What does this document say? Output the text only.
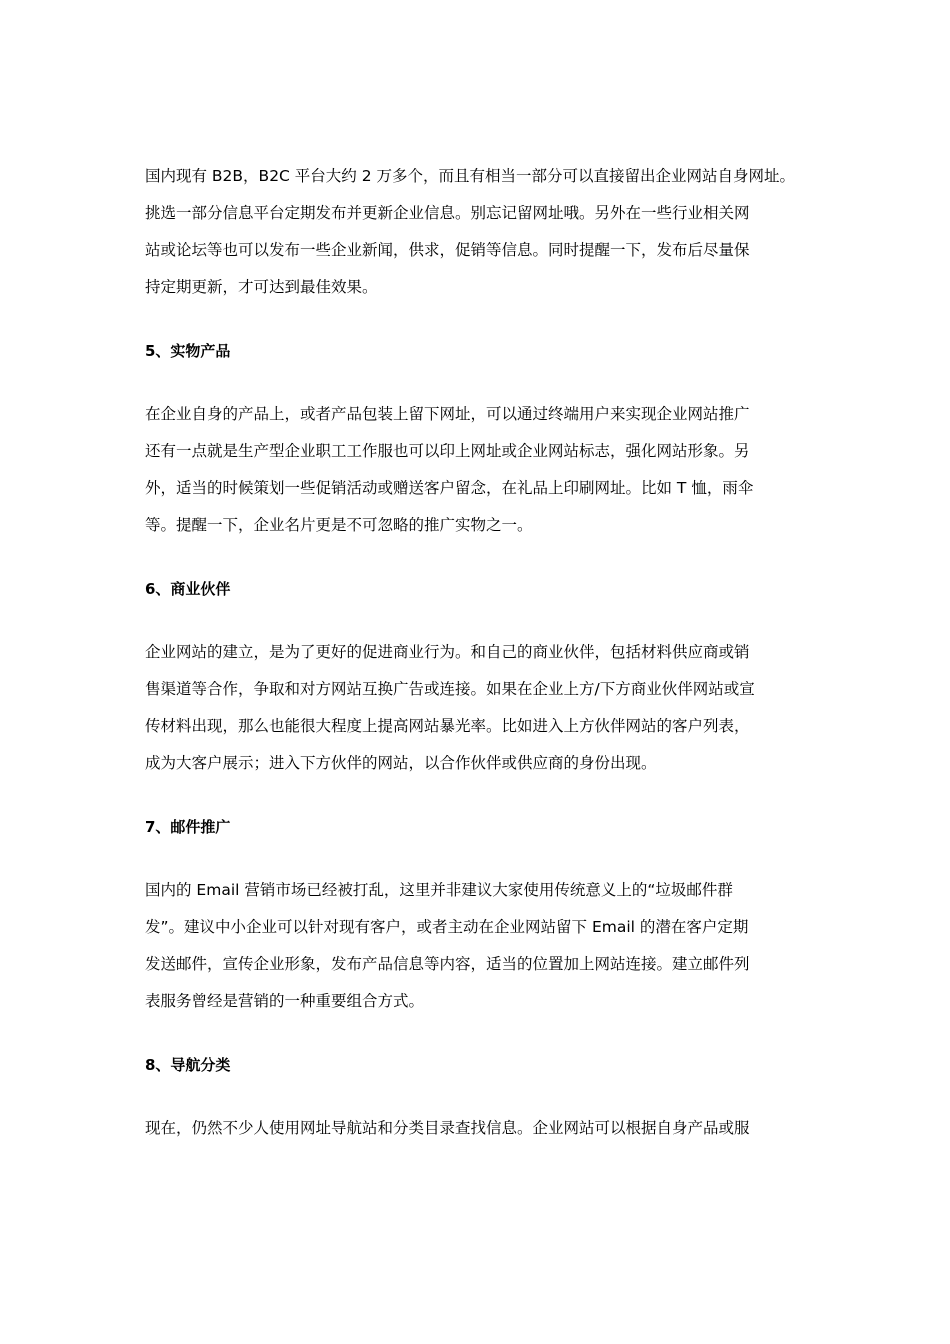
国内现有 B2B，B2C 平台大约 2 万多个，而且有相当一部分可以直接留出企业网站自身网址。
挑选一部分信息平台定期发布并更新企业信息。别忘记留网址哦。另外在一些行业相关网
站或论坛等也可以发布一些企业新闻，供求，促销等信息。同时提醒一下，发布后尽量保
持定期更新，才可达到最佳效果。

5、实物产品

在企业自身的产品上，或者产品包装上留下网址，可以通过终端用户来实现企业网站推广
还有一点就是生产型企业职工工作服也可以印上网址或企业网站标志，强化网站形象。另
外，适当的时候策划一些促销活动或赠送客户留念，在礼品上印刷网址。比如 T 恤，雨伞
等。提醒一下，企业名片更是不可忽略的推广实物之一。

6、商业伙伴

企业网站的建立，是为了更好的促进商业行为。和自己的商业伙伴，包括材料供应商或销
售渠道等合作，争取和对方网站互换广告或连接。如果在企业上方/下方商业伙伴网站或宣
传材料出现，那么也能很大程度上提高网站暴光率。比如进入上方伙伴网站的客户列表，
成为大客户展示；进入下方伙伴的网站，以合作伙伴或供应商的身份出现。

7、邮件推广

国内的 Email 营销市场已经被打乱，这里并非建议大家使用传统意义上的“垃圾邮件群
发”。建议中小企业可以针对现有客户，或者主动在企业网站留下 Email 的潜在客户定期
发送邮件，宣传企业形象，发布产品信息等内容，适当的位置加上网站连接。建立邮件列
表服务曾经是营销的一种重要组合方式。

8、导航分类

现在，仍然不少人使用网址导航站和分类目录查找信息。企业网站可以根据自身产品或服
